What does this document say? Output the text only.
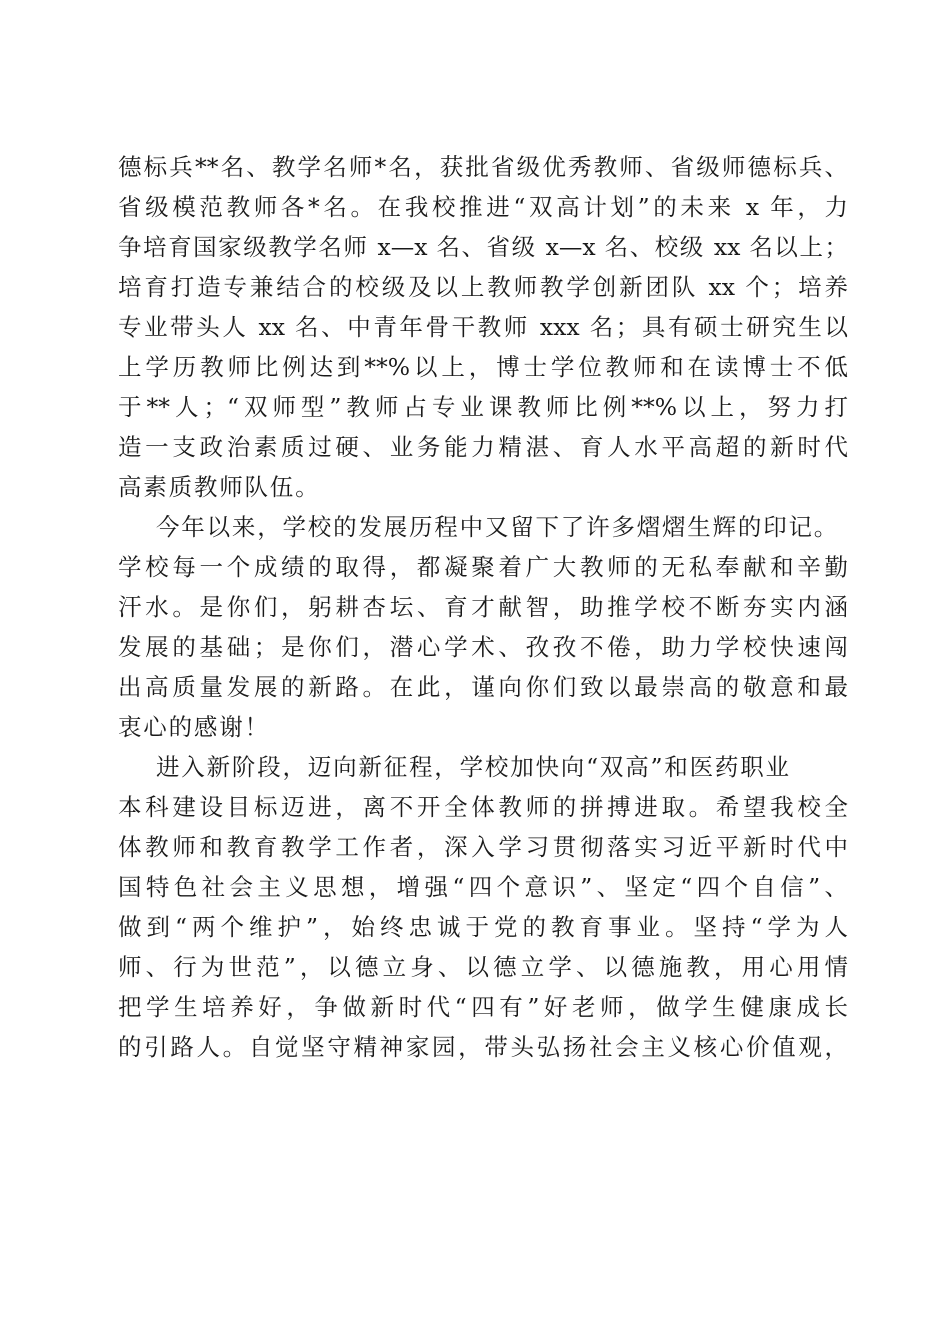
德标兵**名、教学名师*名，获批省级优秀教师、省级师德标兵、
省级模范教师各*名。在我校推进“双高计划”的未来 x 年，力
争培育国家级教学名师 x—x 名、省级 x—x 名、校级 xx 名以上；
培育打造专兼结合的校级及以上教师教学创新团队 xx 个；培养
专业带头人 xx 名、中青年骨干教师 xxx 名；具有硕士研究生以
上学历教师比例达到**%以上，博士学位教师和在读博士不低
于**人；“双师型”教师占专业课教师比例**%以上，努力打
造一支政治素质过硬、业务能力精湛、育人水平高超的新时代
高素质教师队伍。
今年以来，学校的发展历程中又留下了许多熠熠生辉的印记。
学校每一个成绩的取得，都凝聚着广大教师的无私奉献和辛勤
汗水。是你们，躬耕杏坛、育才献智，助推学校不断夯实内涵
发展的基础；是你们，潜心学术、孜孜不倦，助力学校快速闯
出高质量发展的新路。在此，谨向你们致以最崇高的敬意和最
衷心的感谢！
进入新阶段，迈向新征程，学校加快向“双高”和医药职业
本科建设目标迈进，离不开全体教师的拼搏进取。希望我校全
体教师和教育教学工作者，深入学习贯彻落实习近平新时代中
国特色社会主义思想，增强“四个意识”、坚定“四个自信”、
做到“两个维护”，始终忠诚于党的教育事业。坚持“学为人
师、行为世范”，以德立身、以德立学、以德施教，用心用情
把学生培养好，争做新时代“四有”好老师，做学生健康成长
的引路人。自觉坚守精神家园，带头弘扬社会主义核心价值观，
